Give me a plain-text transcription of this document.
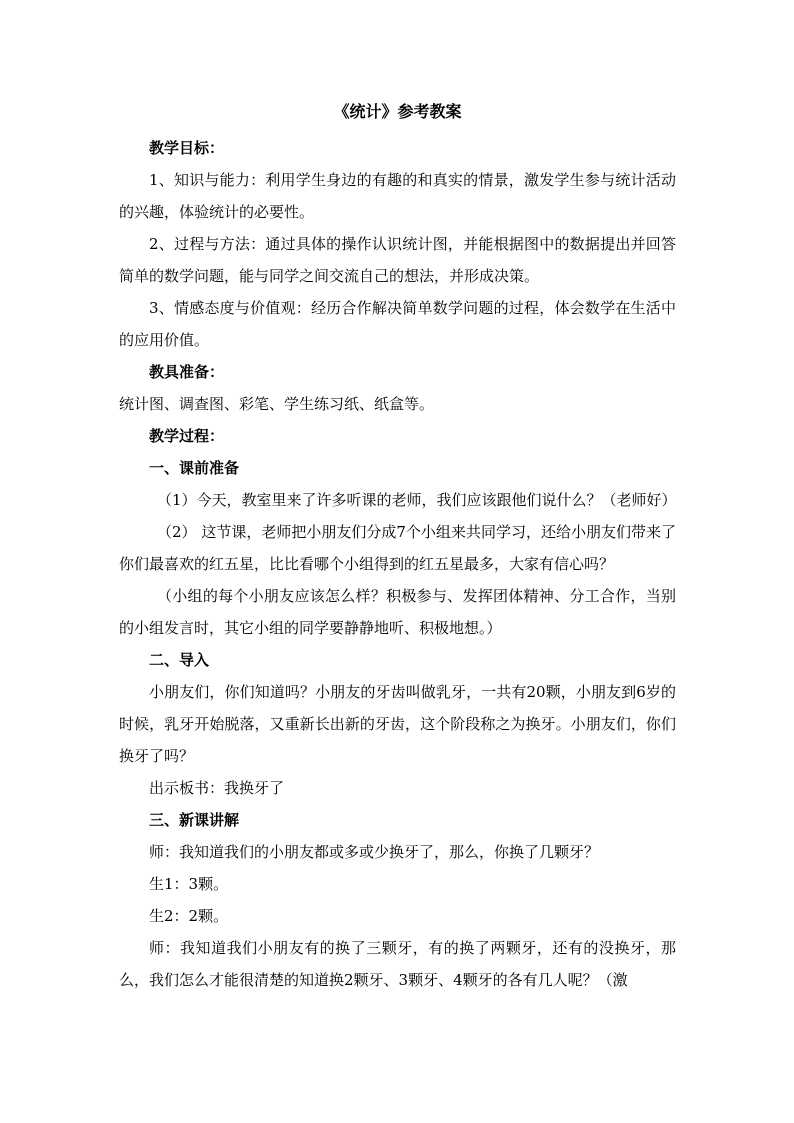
《统计》参考教案

教学目标：

1、知识与能力：利用学生身边的有趣的和真实的情景，激发学生参与统计活动的兴趣，体验统计的必要性。

2、过程与方法：通过具体的操作认识统计图，并能根据图中的数据提出并回答简单的数学问题，能与同学之间交流自己的想法，并形成决策。

3、情感态度与价值观：经历合作解决简单数学问题的过程，体会数学在生活中的应用价值。

教具准备：

统计图、调查图、彩笔、学生练习纸、纸盒等。

教学过程：

一、课前准备

（1）今天，教室里来了许多听课的老师，我们应该跟他们说什么？（老师好）

（2） 这节课，老师把小朋友们分成7个小组来共同学习，还给小朋友们带来了你们最喜欢的红五星，比比看哪个小组得到的红五星最多，大家有信心吗？

（小组的每个小朋友应该怎么样？积极参与、发挥团体精神、分工合作，当别的小组发言时，其它小组的同学要静静地听、积极地想。）

二、导入

小朋友们，你们知道吗？小朋友的牙齿叫做乳牙，一共有20颗，小朋友到6岁的时候，乳牙开始脱落，又重新长出新的牙齿，这个阶段称之为换牙。小朋友们，你们换牙了吗？

出示板书：我换牙了

三、新课讲解

师：我知道我们的小朋友都或多或少换牙了，那么，你换了几颗牙？

生1：3颗。

生2：2颗。

师：我知道我们小朋友有的换了三颗牙，有的换了两颗牙，还有的没换牙，那么，我们怎么才能很清楚的知道换2颗牙、3颗牙、4颗牙的各有几人呢？（激
